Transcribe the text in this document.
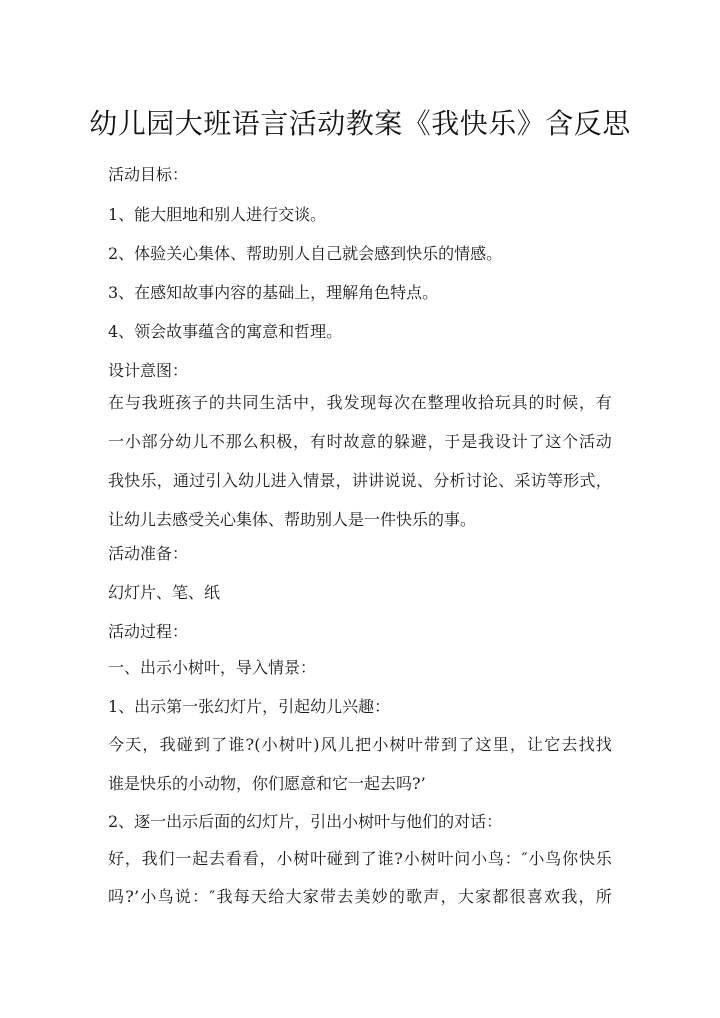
幼儿园大班语言活动教案《我快乐》含反思
活动目标：
1、能大胆地和别人进行交谈。
2、体验关心集体、帮助别人自己就会感到快乐的情感。
3、在感知故事内容的基础上，理解角色特点。
4、领会故事蕴含的寓意和哲理。
设计意图：
在与我班孩子的共同生活中，我发现每次在整理收拾玩具的时候，有
一小部分幼儿不那么积极，有时故意的躲避，于是我设计了这个活动
我快乐，通过引入幼儿进入情景，讲讲说说、分析讨论、采访等形式，
让幼儿去感受关心集体、帮助别人是一件快乐的事。
活动准备：
幻灯片、笔、纸
活动过程：
一、出示小树叶，导入情景：
1、出示第一张幻灯片，引起幼儿兴趣：
今天，我碰到了谁?(小树叶)风儿把小树叶带到了这里，让它去找找
谁是快乐的小动物，你们愿意和它一起去吗?’
2、逐一出示后面的幻灯片，引出小树叶与他们的对话：
好，我们一起去看看，小树叶碰到了谁?小树叶问小鸟：″小鸟你快乐
吗?’小鸟说：″我每天给大家带去美妙的歌声，大家都很喜欢我，所
